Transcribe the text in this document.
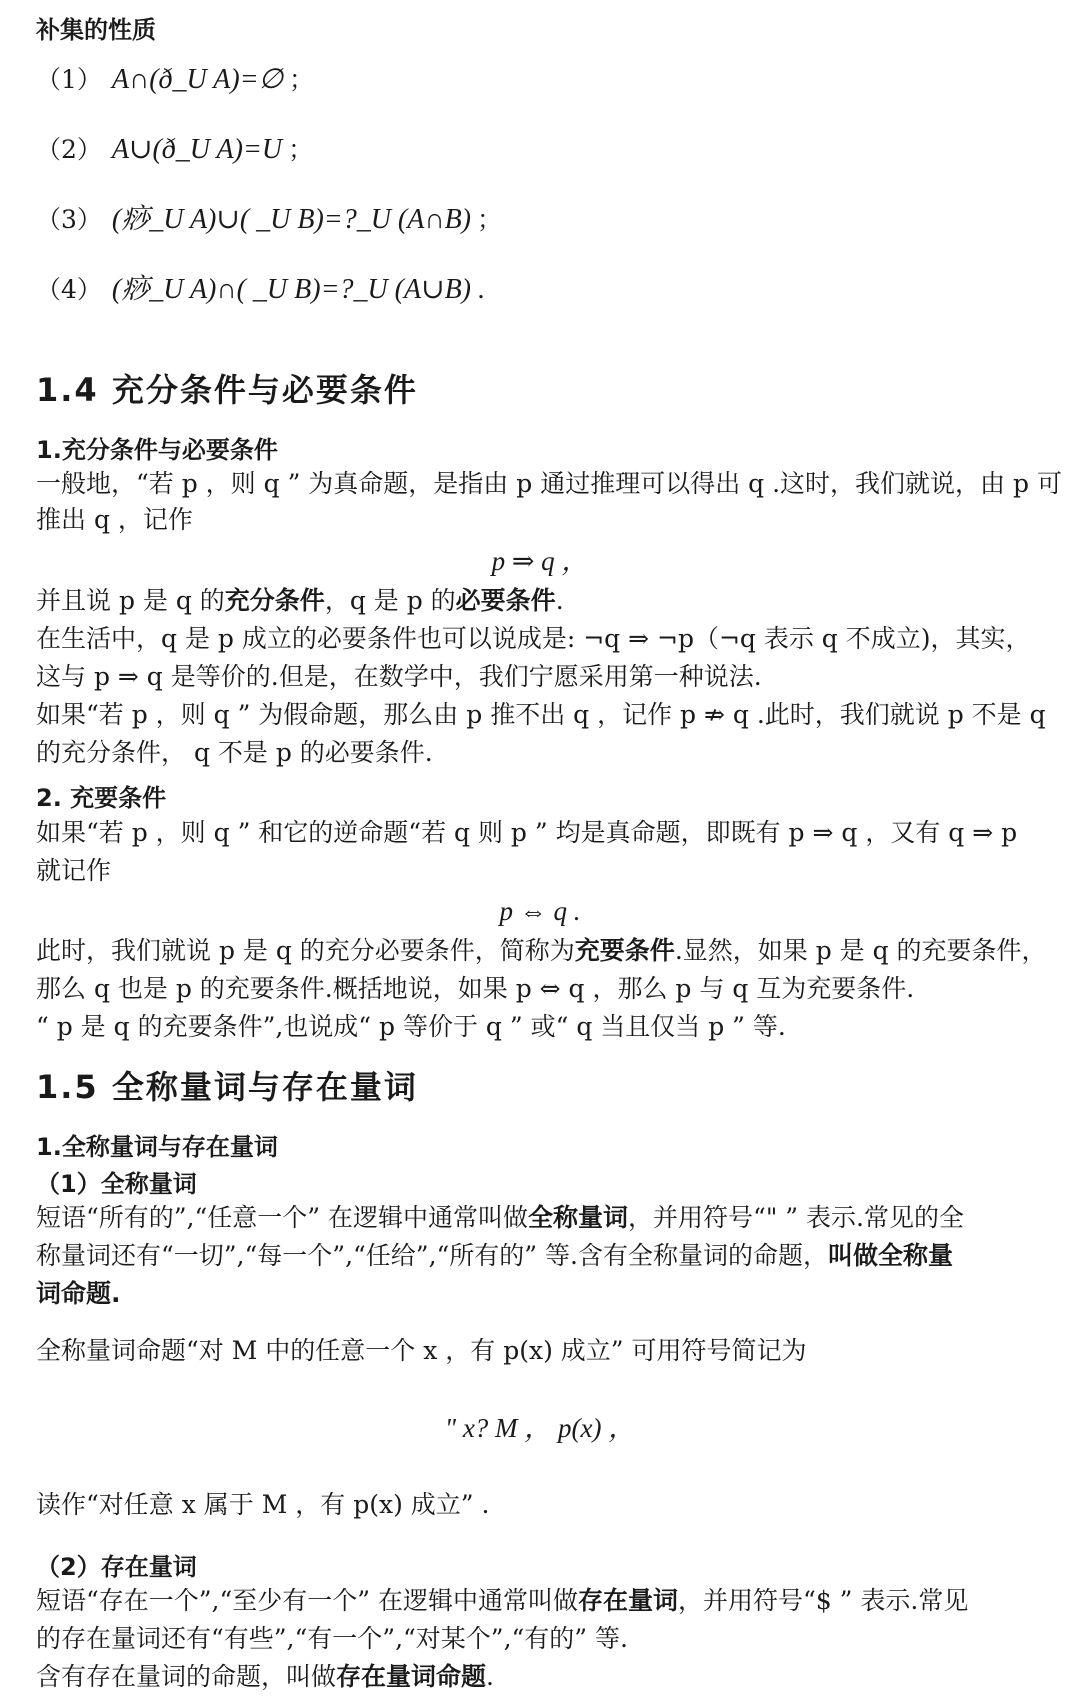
补集的性质
（1） A∩(ð_U A)=∅ ；
（2） A∪(ð_U A)=U ；
（3） (痧_U A)∪( _U B)=?_U (A∩B) ；
（4） (痧_U A)∩( _U B)=?_U (A∪B) .
1.4 充分条件与必要条件
1.充分条件与必要条件
一般地，“若 p ，则 q ” 为真命题，是指由 p 通过推理可以得出 q .这时，我们就说，由 p 可
推出 q ，记作
p ⇒ q ，
并且说 p 是 q 的充分条件，q 是 p 的必要条件.
在生活中，q 是 p 成立的必要条件也可以说成是: ¬q ⇒ ¬p（¬q 表示 q 不成立)，其实，
这与 p ⇒ q 是等价的.但是，在数学中，我们宁愿采用第一种说法.
如果“若 p ，则 q ” 为假命题，那么由 p 推不出 q ，记作 p ⇏ q .此时，我们就说 p 不是 q
的充分条件， q 不是 p 的必要条件.
2. 充要条件
如果“若 p ，则 q ” 和它的逆命题“若 q 则 p ” 均是真命题，即既有 p ⇒ q ，又有 q ⇒ p
就记作
p ⇔ q .
此时，我们就说 p 是 q 的充分必要条件，简称为充要条件.显然，如果 p 是 q 的充要条件，
那么 q 也是 p 的充要条件.概括地说，如果 p ⇔ q ，那么 p 与 q 互为充要条件.
“ p 是 q 的充要条件”,也说成“ p 等价于 q ” 或“ q 当且仅当 p ” 等.
1.5 全称量词与存在量词
1.全称量词与存在量词
（1）全称量词
短语“所有的”,“任意一个” 在逻辑中通常叫做全称量词，并用符号“" ” 表示.常见的全
称量词还有“一切”,“每一个”,“任给”,“所有的” 等.含有全称量词的命题，叫做全称量
词命题.
全称量词命题“对 M 中的任意一个 x ，有 p(x) 成立” 可用符号简记为
" x? M ， p(x) ，
读作“对任意 x 属于 M ，有 p(x) 成立” .
（2）存在量词
短语“存在一个”,“至少有一个” 在逻辑中通常叫做存在量词，并用符号“$ ” 表示.常见
的存在量词还有“有些”,“有一个”,“对某个”,“有的” 等.
含有存在量词的命题，叫做存在量词命题.
